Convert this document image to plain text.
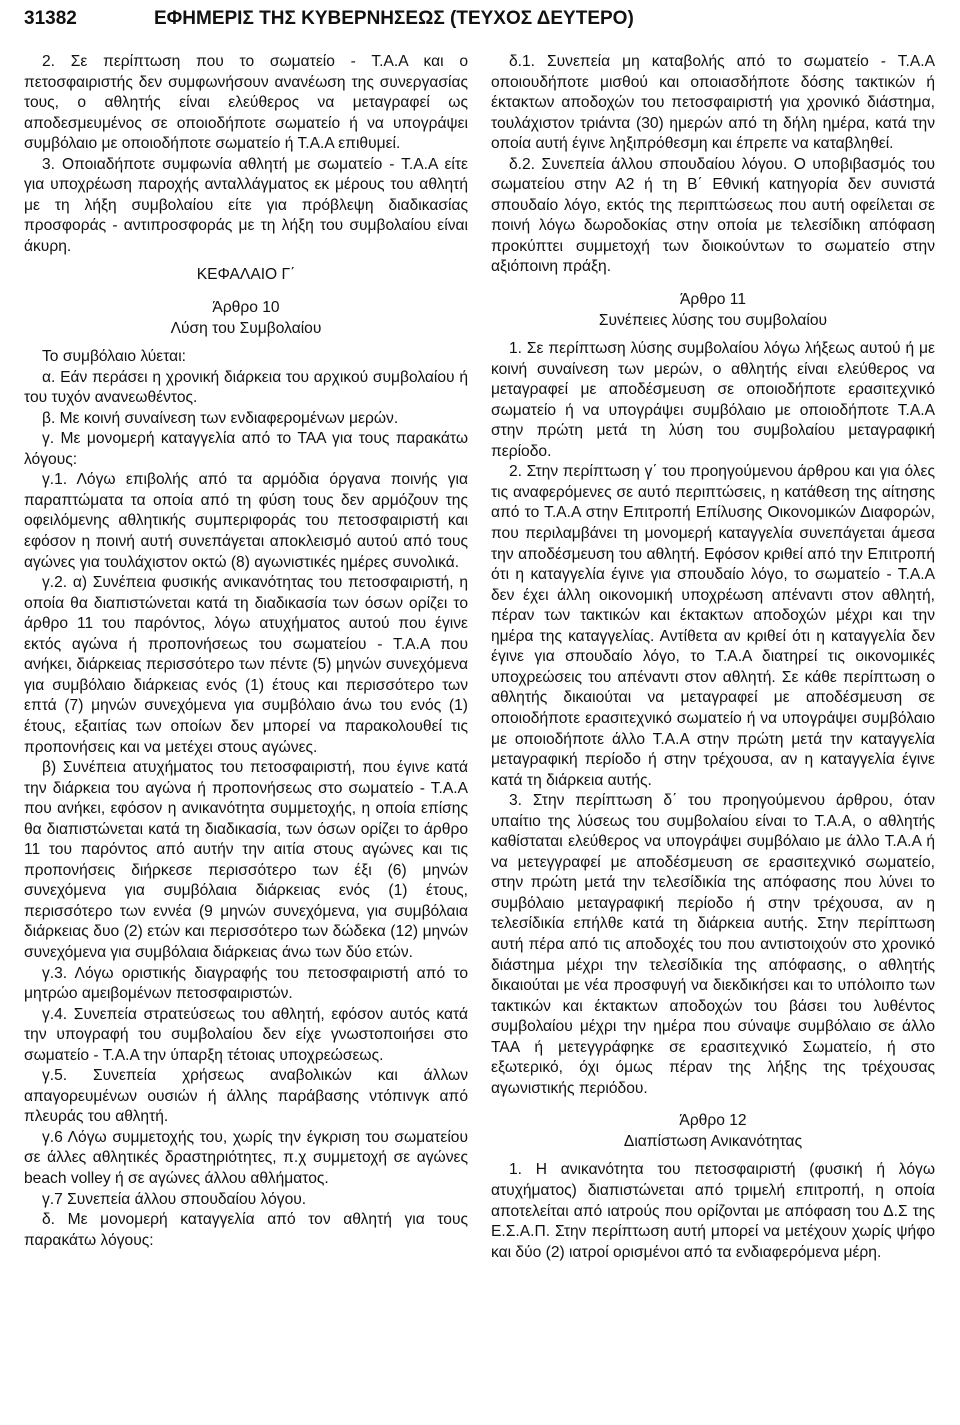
31382	ΕΦΗΜΕΡΙΣ ΤΗΣ ΚΥΒΕΡΝΗΣΕΩΣ (ΤΕΥΧΟΣ ΔΕΥΤΕΡΟ)

2. Σε περίπτωση που το σωματείο - Τ.Α.Α και ο πετοσφαιριστής δεν συμφωνήσουν ανανέωση της συνεργασίας τους, ο αθλητής είναι ελεύθερος να μεταγραφεί ως αποδεσμευμένος σε οποιοδήποτε σωματείο ή να υπογράψει συμβόλαιο με οποιοδήποτε σωματείο ή Τ.Α.Α επιθυμεί.

3. Οποιαδήποτε συμφωνία αθλητή με σωματείο - Τ.Α.Α είτε για υποχρέωση παροχής ανταλλάγματος εκ μέρους του αθλητή με τη λήξη συμβολαίου είτε για πρόβλεψη διαδικασίας προσφοράς - αντιπροσφοράς με τη λήξη του συμβολαίου είναι άκυρη.

ΚΕΦΑΛΑΙΟ Γ΄

Άρθρο 10

Λύση του Συμβολαίου

Το συμβόλαιο λύεται:

α. Εάν περάσει η χρονική διάρκεια του αρχικού συμβολαίου ή του τυχόν ανανεωθέντος.

β. Με κοινή συναίνεση των ενδιαφερομένων μερών.

γ. Με μονομερή καταγγελία από το ΤΑΑ για τους παρακάτω λόγους:

γ.1. Λόγω επιβολής από τα αρμόδια όργανα ποινής για παραπτώματα τα οποία από τη φύση τους δεν αρμόζουν της οφειλόμενης αθλητικής συμπεριφοράς του πετοσφαιριστή και εφόσον η ποινή αυτή συνεπάγεται αποκλεισμό αυτού από τους αγώνες για τουλάχιστον οκτώ (8) αγωνιστικές ημέρες συνολικά.

γ.2. α) Συνέπεια φυσικής ανικανότητας του πετοσφαιριστή, η οποία θα διαπιστώνεται κατά τη διαδικασία των όσων ορίζει το άρθρο 11 του παρόντος, λόγω ατυχήματος αυτού που έγινε εκτός αγώνα ή προπονήσεως του σωματείου - Τ.Α.Α που ανήκει, διάρκειας περισσότερο των πέντε (5) μηνών συνεχόμενα για συμβόλαιο διάρκειας ενός (1) έτους και περισσότερο των επτά (7) μηνών συνεχόμενα για συμβόλαιο άνω του ενός (1) έτους, εξαιτίας των οποίων δεν μπορεί να παρακολουθεί τις προπονήσεις και να μετέχει στους αγώνες.

β) Συνέπεια ατυχήματος του πετοσφαιριστή, που έγινε κατά την διάρκεια του αγώνα ή προπονήσεως στο σωματείο - Τ.Α.Α που ανήκει, εφόσον η ανικανότητα συμμετοχής, η οποία επίσης θα διαπιστώνεται κατά τη διαδικασία, των όσων ορίζει το άρθρο 11 του παρόντος από αυτήν την αιτία στους αγώνες και τις προπονήσεις διήρκεσε περισσότερο των έξι (6) μηνών συνεχόμενα για συμβόλαια διάρκειας ενός (1) έτους, περισσότερο των εννέα (9 μηνών συνεχόμενα, για συμβόλαια διάρκειας δυο (2) ετών και περισσότερο των δώδεκα (12) μηνών συνεχόμενα για συμβόλαια διάρκειας άνω των δύο ετών.

γ.3. Λόγω οριστικής διαγραφής του πετοσφαιριστή από το μητρώο αμειβομένων πετοσφαιριστών.

γ.4. Συνεπεία στρατεύσεως του αθλητή, εφόσον αυτός κατά την υπογραφή του συμβολαίου δεν είχε γνωστοποιήσει στο σωματείο - Τ.Α.Α την ύπαρξη τέτοιας υποχρεώσεως.

γ.5. Συνεπεία χρήσεως αναβολικών και άλλων απαγορευμένων ουσιών ή άλλης παράβασης ντόπινγκ από πλευράς του αθλητή.

γ.6 Λόγω συμμετοχής του, χωρίς την έγκριση του σωματείου σε άλλες αθλητικές δραστηριότητες, π.χ συμμετοχή σε αγώνες beach volley ή σε αγώνες άλλου αθλήματος.

γ.7 Συνεπεία άλλου σπουδαίου λόγου.

δ. Με μονομερή καταγγελία από τον αθλητή για τους παρακάτω λόγους:

δ.1. Συνεπεία μη καταβολής από το σωματείο - Τ.Α.Α οποιουδήποτε μισθού και οποιασδήποτε δόσης τακτικών ή έκτακτων αποδοχών του πετοσφαιριστή για χρονικό διάστημα, τουλάχιστον τριάντα (30) ημερών από τη δήλη ημέρα, κατά την οποία αυτή έγινε ληξιπρόθεσμη και έπρεπε να καταβληθεί.

δ.2. Συνεπεία άλλου σπουδαίου λόγου. Ο υποβιβασμός του σωματείου στην Α2 ή τη Β΄ Εθνική κατηγορία δεν συνιστά σπουδαίο λόγο, εκτός της περιπτώσεως που αυτή οφείλεται σε ποινή λόγω δωροδοκίας στην οποία με τελεσίδικη απόφαση προκύπτει συμμετοχή των διοικούντων το σωματείο στην αξιόποινη πράξη.

Άρθρο 11

Συνέπειες λύσης του συμβολαίου

1. Σε περίπτωση λύσης συμβολαίου λόγω λήξεως αυτού ή με κοινή συναίνεση των μερών, ο αθλητής είναι ελεύθερος να μεταγραφεί με αποδέσμευση σε οποιοδήποτε ερασιτεχνικό σωματείο ή να υπογράψει συμβόλαιο με οποιοδήποτε Τ.Α.Α στην πρώτη μετά τη λύση του συμβολαίου μεταγραφική περίοδο.

2. Στην περίπτωση γ΄ του προηγούμενου άρθρου και για όλες τις αναφερόμενες σε αυτό περιπτώσεις, η κατάθεση της αίτησης από το Τ.Α.Α στην Επιτροπή Επίλυσης Οικονομικών Διαφορών, που περιλαμβάνει τη μονομερή καταγγελία συνεπάγεται άμεσα την αποδέσμευση του αθλητή. Εφόσον κριθεί από την Επιτροπή ότι η καταγγελία έγινε για σπουδαίο λόγο, το σωματείο - Τ.Α.Α δεν έχει άλλη οικονομική υποχρέωση απέναντι στον αθλητή, πέραν των τακτικών και έκτακτων αποδοχών μέχρι και την ημέρα της καταγγελίας. Αντίθετα αν κριθεί ότι η καταγγελία δεν έγινε για σπουδαίο λόγο, το Τ.Α.Α διατηρεί τις οικονομικές υποχρεώσεις του απέναντι στον αθλητή. Σε κάθε περίπτωση ο αθλητής δικαιούται να μεταγραφεί με αποδέσμευση σε οποιοδήποτε ερασιτεχνικό σωματείο ή να υπογράψει συμβόλαιο με οποιοδήποτε άλλο Τ.Α.Α στην πρώτη μετά την καταγγελία μεταγραφική περίοδο ή στην τρέχουσα, αν η καταγγελία έγινε κατά τη διάρκεια αυτής.

3. Στην περίπτωση δ΄ του προηγούμενου άρθρου, όταν υπαίτιο της λύσεως του συμβολαίου είναι το Τ.Α.Α, ο αθλητής καθίσταται ελεύθερος να υπογράψει συμβόλαιο με άλλο Τ.Α.Α ή να μετεγγραφεί με αποδέσμευση σε ερασιτεχνικό σωματείο, στην πρώτη μετά την τελεσίδικία της απόφασης που λύνει το συμβόλαιο μεταγραφική περίοδο ή στην τρέχουσα, αν η τελεσίδικία επήλθε κατά τη διάρκεια αυτής. Στην περίπτωση αυτή πέρα από τις αποδοχές του που αντιστοιχούν στο χρονικό διάστημα μέχρι την τελεσίδικία της απόφασης, ο αθλητής δικαιούται με νέα προσφυγή να διεκδικήσει και το υπόλοιπο των τακτικών και έκτακτων αποδοχών του βάσει του λυθέντος συμβολαίου μέχρι την ημέρα που σύναψε συμβόλαιο σε άλλο ΤΑΑ ή μετεγγράφηκε σε ερασιτεχνικό Σωματείο, ή στο εξωτερικό, όχι όμως πέραν της λήξης της τρέχουσας αγωνιστικής περιόδου.

Άρθρο 12

Διαπίστωση Ανικανότητας

1. Η ανικανότητα του πετοσφαιριστή (φυσική ή λόγω ατυχήματος) διαπιστώνεται από τριμελή επιτροπή, η οποία αποτελείται από ιατρούς που ορίζονται με απόφαση του Δ.Σ της Ε.Σ.Α.Π. Στην περίπτωση αυτή μπορεί να μετέχουν χωρίς ψήφο και δύο (2) ιατροί ορισμένοι από τα ενδιαφερόμενα μέρη.
